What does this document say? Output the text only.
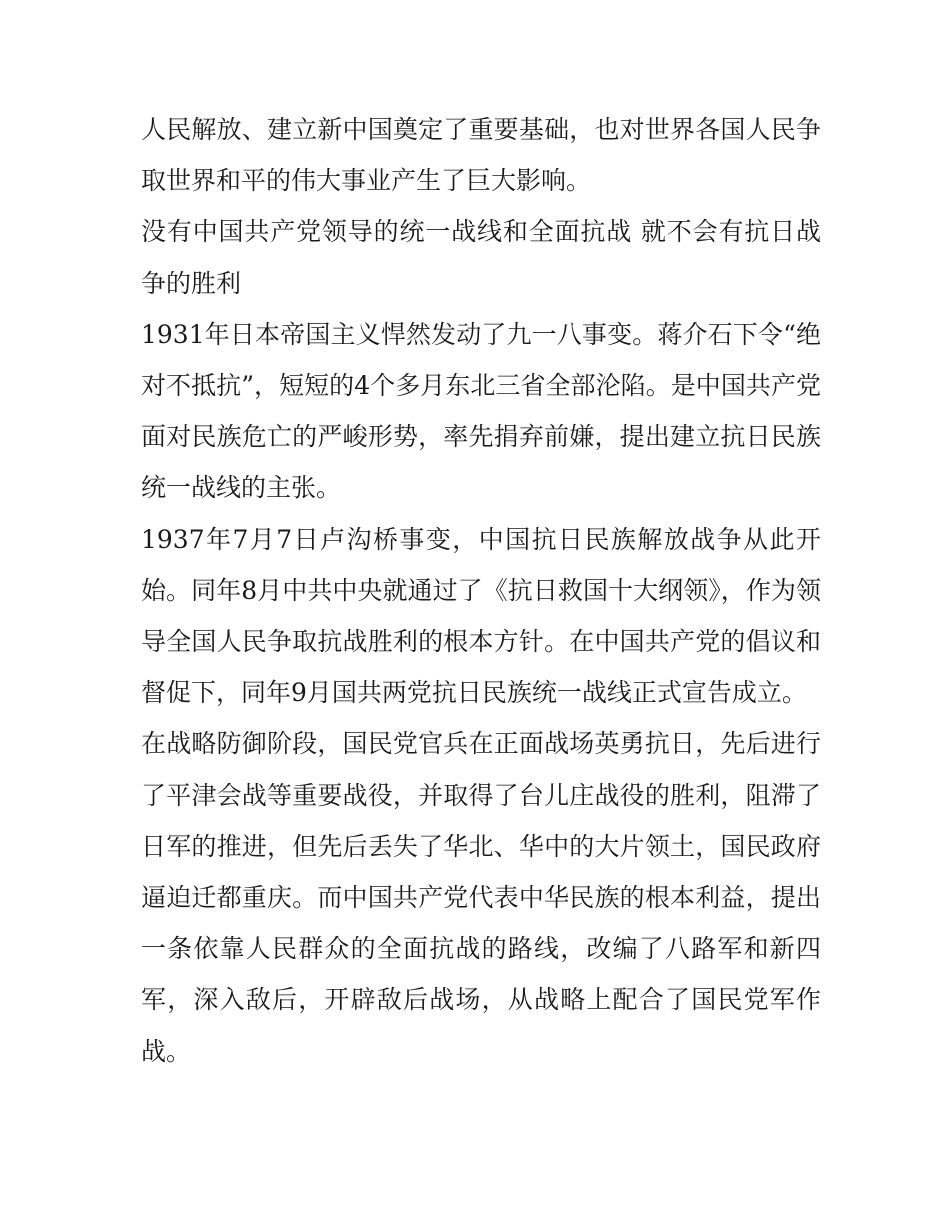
人民解放、建立新中国奠定了重要基础，也对世界各国人民争取世界和平的伟大事业产生了巨大影响。

没有中国共产党领导的统一战线和全面抗战 就不会有抗日战争的胜利

1931年日本帝国主义悍然发动了九一八事变。蒋介石下令“绝对不抵抗”，短短的4个多月东北三省全部沦陷。是中国共产党面对民族危亡的严峻形势，率先捐弃前嫌，提出建立抗日民族统一战线的主张。

1937年7月7日卢沟桥事变，中国抗日民族解放战争从此开始。同年8月中共中央就通过了《抗日救国十大纲领》，作为领导全国人民争取抗战胜利的根本方针。在中国共产党的倡议和督促下，同年9月国共两党抗日民族统一战线正式宣告成立。

在战略防御阶段，国民党官兵在正面战场英勇抗日，先后进行了平津会战等重要战役，并取得了台儿庄战役的胜利，阻滞了日军的推进，但先后丢失了华北、华中的大片领土，国民政府逼迫迁都重庆。而中国共产党代表中华民族的根本利益，提出一条依靠人民群众的全面抗战的路线，改编了八路军和新四军，深入敌后，开辟敌后战场，从战略上配合了国民党军作战。
